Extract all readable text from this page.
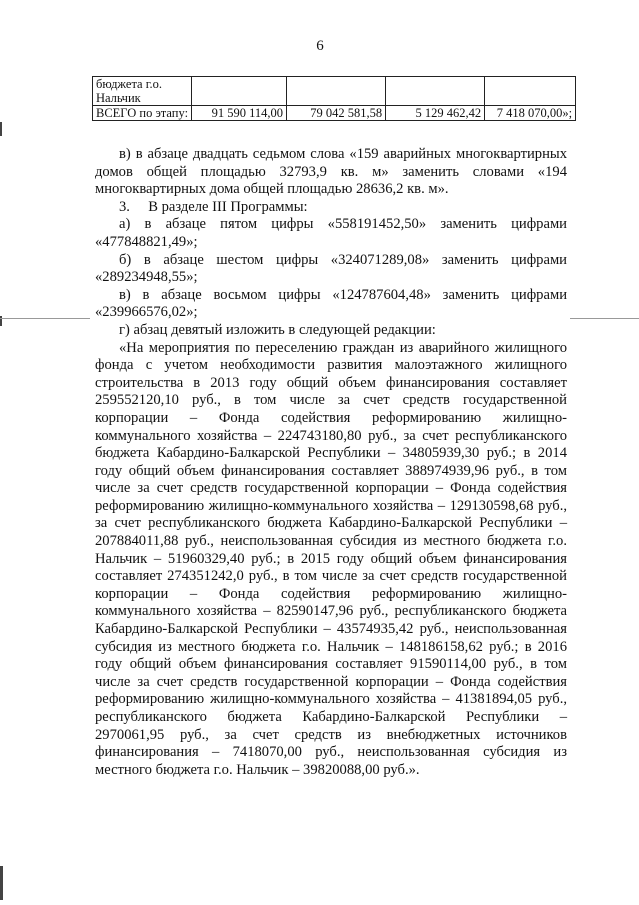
6
бюджета г.о. Нальчик				
ВСЕГО по этапу:	91 590 114,00	79 042 581,58	5 129 462,42	7 418 070,00»;

в) в абзаце двадцать седьмом слова «159 аварийных многоквартирных домов общей площадью 32793,9 кв. м» заменить словами «194 многоквартирных дома общей площадью 28636,2 кв. м».

3.     В разделе III Программы:

а) в абзаце пятом цифры «558191452,50» заменить цифрами «477848821,49»;

б) в абзаце шестом цифры «324071289,08» заменить цифрами «289234948,55»;

в) в абзаце восьмом цифры «124787604,48» заменить цифрами «239966576,02»;

г) абзац девятый изложить в следующей редакции:

«На мероприятия по переселению граждан из аварийного жилищного фонда с учетом необходимости развития малоэтажного жилищного строительства в 2013 году общий объем финансирования составляет 259552120,10 руб., в том числе за счет средств государственной корпорации – Фонда содействия реформированию жилищно-коммунального хозяйства – 224743180,80 руб., за счет республиканского бюджета Кабардино-Балкарской Республики – 34805939,30 руб.; в 2014 году общий объем финансирования составляет 388974939,96 руб., в том числе за счет средств государственной корпорации – Фонда содействия реформированию жилищно-коммунального хозяйства – 129130598,68 руб., за счет республиканского бюджета Кабардино-Балкарской Республики – 207884011,88 руб., неиспользованная субсидия из местного бюджета г.о. Нальчик – 51960329,40 руб.; в 2015 году общий объем финансирования составляет 274351242,0 руб., в том числе за счет средств государственной корпорации – Фонда содействия реформированию жилищно-коммунального хозяйства – 82590147,96 руб., республиканского бюджета Кабардино-Балкарской Республики – 43574935,42 руб., неиспользованная субсидия из местного бюджета г.о. Нальчик – 148186158,62 руб.; в 2016 году общий объем финансирования составляет 91590114,00 руб., в том числе за счет средств государственной корпорации – Фонда содействия реформированию жилищно-коммунального хозяйства – 41381894,05 руб., республиканского бюджета Кабардино-Балкарской Республики – 2970061,95 руб., за счет средств из внебюджетных источников финансирования – 7418070,00 руб., неиспользованная субсидия из местного бюджета г.о. Нальчик – 39820088,00 руб.».
